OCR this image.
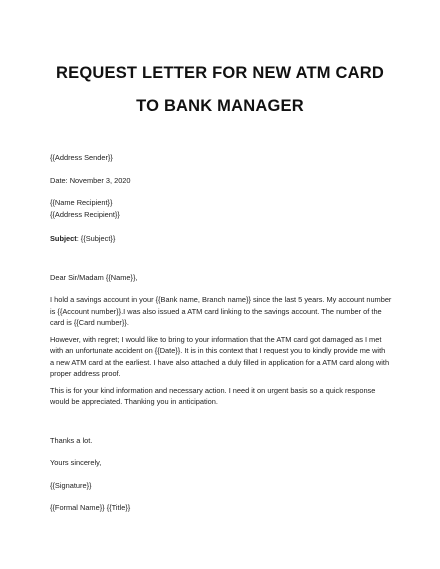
REQUEST LETTER FOR NEW ATM CARD
TO BANK MANAGER

{{Address Sender}}

Date: November 3, 2020

{{Name Recipient}}

{{Address Recipient}}

Subject: {{Subject}}

Dear Sir/Madam {{Name}},

I hold a savings account in your {{Bank name, Branch name}} since the last 5 years. My account number
is {{Account number}}.I was also issued a ATM card linking to the savings account. The number of the
card is {{Card number}}.

However, with regret; I would like to bring to your information that the ATM card got damaged as I met
with an unfortunate accident on {{Date}}. It is in this context that I request you to kindly provide me with
a new ATM card at the earliest. I have also attached a duly filled in application for a ATM card along with
proper address proof.

This is for your kind information and necessary action. I need it on urgent basis so a quick response
would be appreciated. Thanking you in anticipation.

Thanks a lot.

Yours sincerely,

{{Signature}}

{{Formal Name}} {{Title}}
